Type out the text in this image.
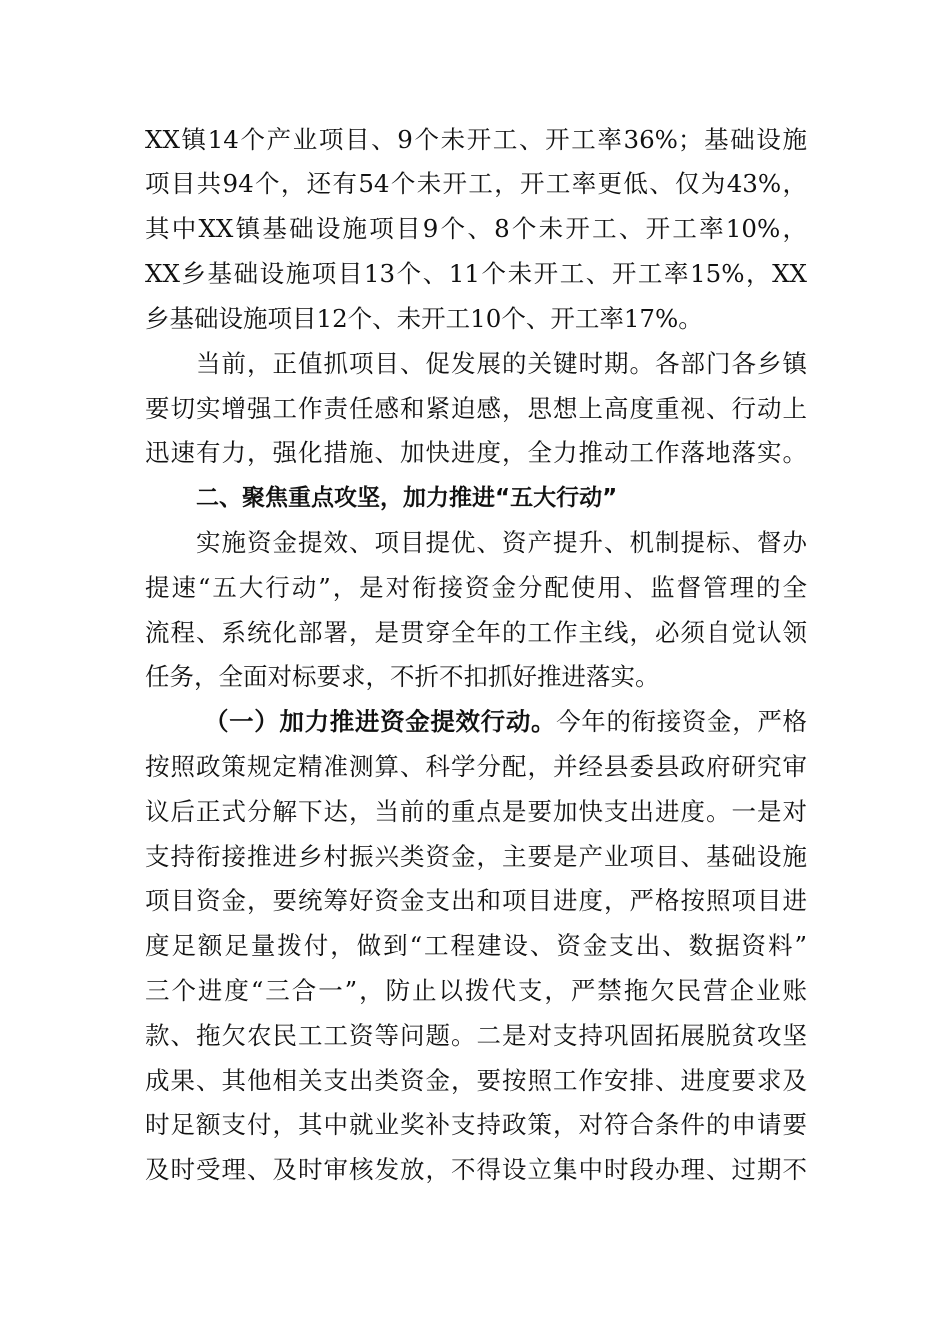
XX镇14个产业项目、9个未开工、开工率36%；基础设施
项目共94个，还有54个未开工，开工率更低、仅为43%，
其中XX镇基础设施项目9个、8个未开工、开工率10%，
XX乡基础设施项目13个、11个未开工、开工率15%，XX
乡基础设施项目12个、未开工10个、开工率17%。
当前，正值抓项目、促发展的关键时期。各部门各乡镇
要切实增强工作责任感和紧迫感，思想上高度重视、行动上
迅速有力，强化措施、加快进度，全力推动工作落地落实。
二、聚焦重点攻坚，加力推进“五大行动”
实施资金提效、项目提优、资产提升、机制提标、督办
提速“五大行动”，是对衔接资金分配使用、监督管理的全
流程、系统化部署，是贯穿全年的工作主线，必须自觉认领
任务，全面对标要求，不折不扣抓好推进落实。
（一）加力推进资金提效行动。今年的衔接资金，严格
按照政策规定精准测算、科学分配，并经县委县政府研究审
议后正式分解下达，当前的重点是要加快支出进度。一是对
支持衔接推进乡村振兴类资金，主要是产业项目、基础设施
项目资金，要统筹好资金支出和项目进度，严格按照项目进
度足额足量拨付，做到“工程建设、资金支出、数据资料”
三个进度“三合一”，防止以拨代支，严禁拖欠民营企业账
款、拖欠农民工工资等问题。二是对支持巩固拓展脱贫攻坚
成果、其他相关支出类资金，要按照工作安排、进度要求及
时足额支付，其中就业奖补支持政策，对符合条件的申请要
及时受理、及时审核发放，不得设立集中时段办理、过期不
